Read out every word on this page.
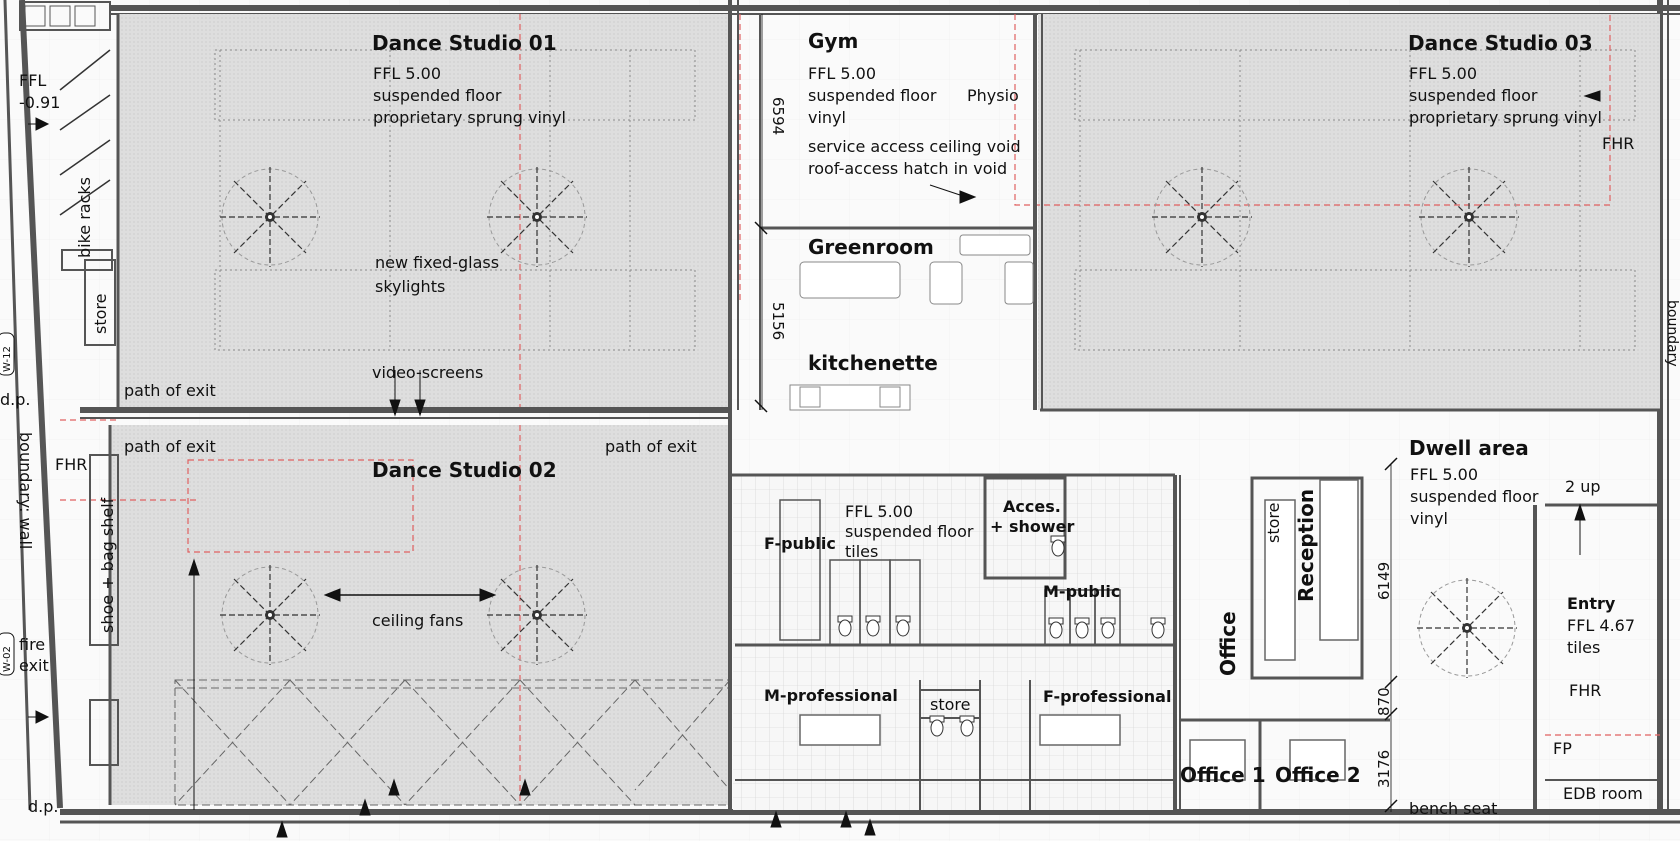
Dance Studio 01
FFL 5.00
suspended floor
proprietary sprung vinyl
Gym
FFL 5.00
suspended floor
vinyl
Physio
service access ceiling void
roof-access hatch in void
Dance Studio 03
FFL 5.00
suspended floor
proprietary sprung vinyl
FHR
Greenroom
kitchenette
FFL
-0.91
bike racks
store
new fixed-glass
skylights
video-screens
path of exit
path of exit	path of exit
d.p.
d.p.
FHR
boundary: wall
shoe + bag shelf
fire
exit
W-12
W-02
Dance Studio 02
ceiling fans
FFL 5.00
suspended floor
tiles
F-public
Acces.
+ shower
M-public
M-professional store	F-professional
Office
store Reception
Office 1 Office 2
6594
5156
6149
870
3176
Dwell area
FFL 5.00
suspended floor
vinyl
2 up
Entry
FFL 4.67
tiles
FHR
FP
EDB room
bench seat
boundary
